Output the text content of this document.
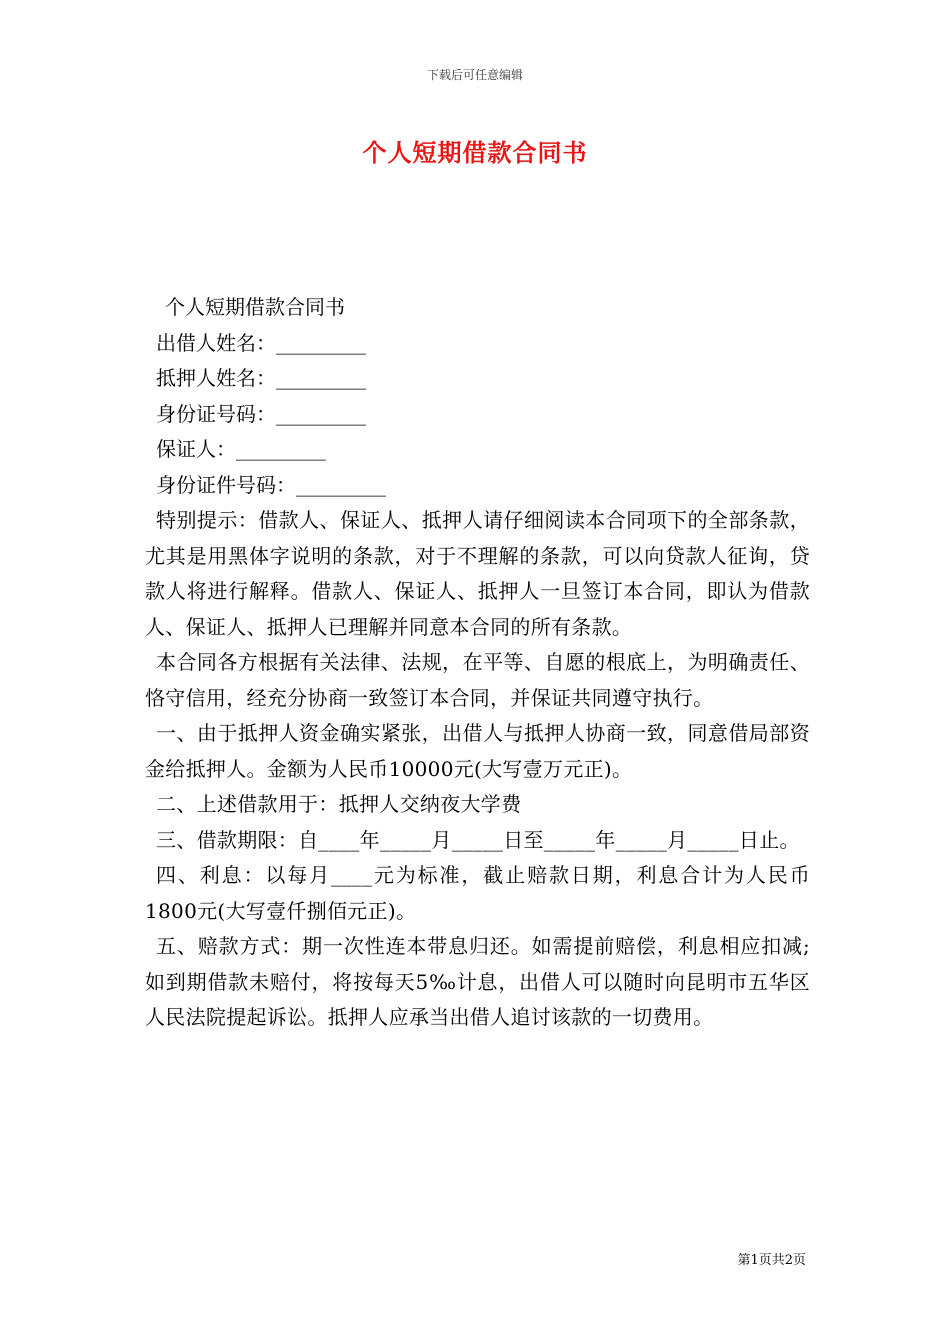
下载后可任意编辑
个人短期借款合同书
个人短期借款合同书
出借人姓名：_________
抵押人姓名：_________
身份证号码：_________
保证人：_________
身份证件号码：_________
特别提示：借款人、保证人、抵押人请仔细阅读本合同项下的全部条款，尤其是用黑体字说明的条款，对于不理解的条款，可以向贷款人征询，贷款人将进行解释。借款人、保证人、抵押人一旦签订本合同，即认为借款人、保证人、抵押人已理解并同意本合同的所有条款。
本合同各方根据有关法律、法规，在平等、自愿的根底上，为明确责任、恪守信用，经充分协商一致签订本合同，并保证共同遵守执行。
一、由于抵押人资金确实紧张，出借人与抵押人协商一致，同意借局部资金给抵押人。金额为人民币10000元(大写壹万元正)。
二、上述借款用于：抵押人交纳夜大学费
三、借款期限：自____年_____月_____日至_____年_____月_____日止。
四、利息：以每月____元为标准，截止赔款日期，利息合计为人民币1800元(大写壹仟捌佰元正)。
五、赔款方式：期一次性连本带息归还。如需提前赔偿，利息相应扣减;如到期借款未赔付，将按每天5‰计息，出借人可以随时向昆明市五华区人民法院提起诉讼。抵押人应承当出借人追讨该款的一切费用。
第1页共2页
